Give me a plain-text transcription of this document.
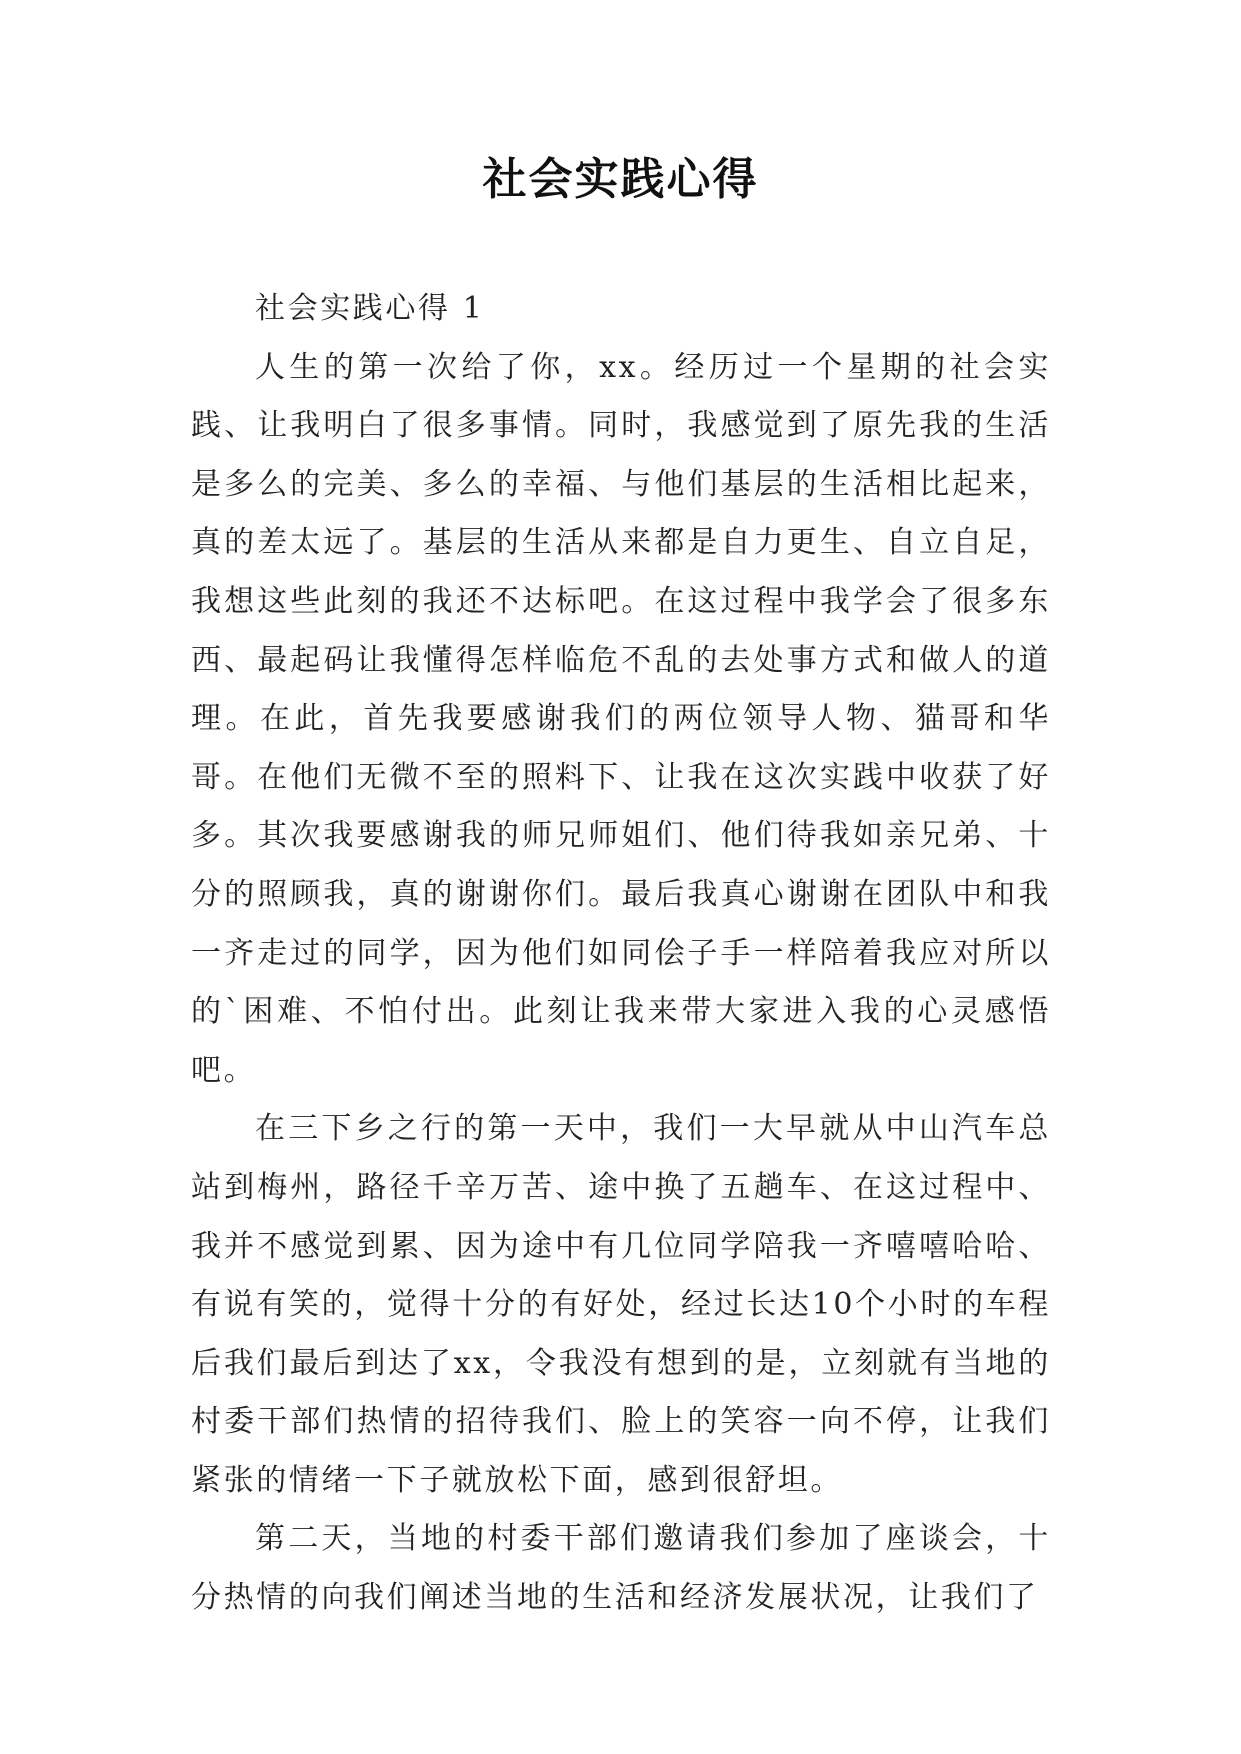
社会实践心得

社会实践心得 1

人生的第一次给了你，xx。经历过一个星期的社会实践、让我明白了很多事情。同时，我感觉到了原先我的生活是多么的完美、多么的幸福、与他们基层的生活相比起来，真的差太远了。基层的生活从来都是自力更生、自立自足，我想这些此刻的我还不达标吧。在这过程中我学会了很多东西、最起码让我懂得怎样临危不乱的去处事方式和做人的道理。在此，首先我要感谢我们的两位领导人物、猫哥和华哥。在他们无微不至的照料下、让我在这次实践中收获了好多。其次我要感谢我的师兄师姐们、他们待我如亲兄弟、十分的照顾我，真的谢谢你们。最后我真心谢谢在团队中和我一齐走过的同学，因为他们如同侩子手一样陪着我应对所以的`困难、不怕付出。此刻让我来带大家进入我的心灵感悟吧。

在三下乡之行的第一天中，我们一大早就从中山汽车总站到梅州，路径千辛万苦、途中换了五趟车、在这过程中、我并不感觉到累、因为途中有几位同学陪我一齐嘻嘻哈哈、有说有笑的，觉得十分的有好处，经过长达10个小时的车程后我们最后到达了xx，令我没有想到的是，立刻就有当地的村委干部们热情的招待我们、脸上的笑容一向不停，让我们紧张的情绪一下子就放松下面，感到很舒坦。

第二天，当地的村委干部们邀请我们参加了座谈会，十分热情的向我们阐述当地的生活和经济发展状况，让我们了
